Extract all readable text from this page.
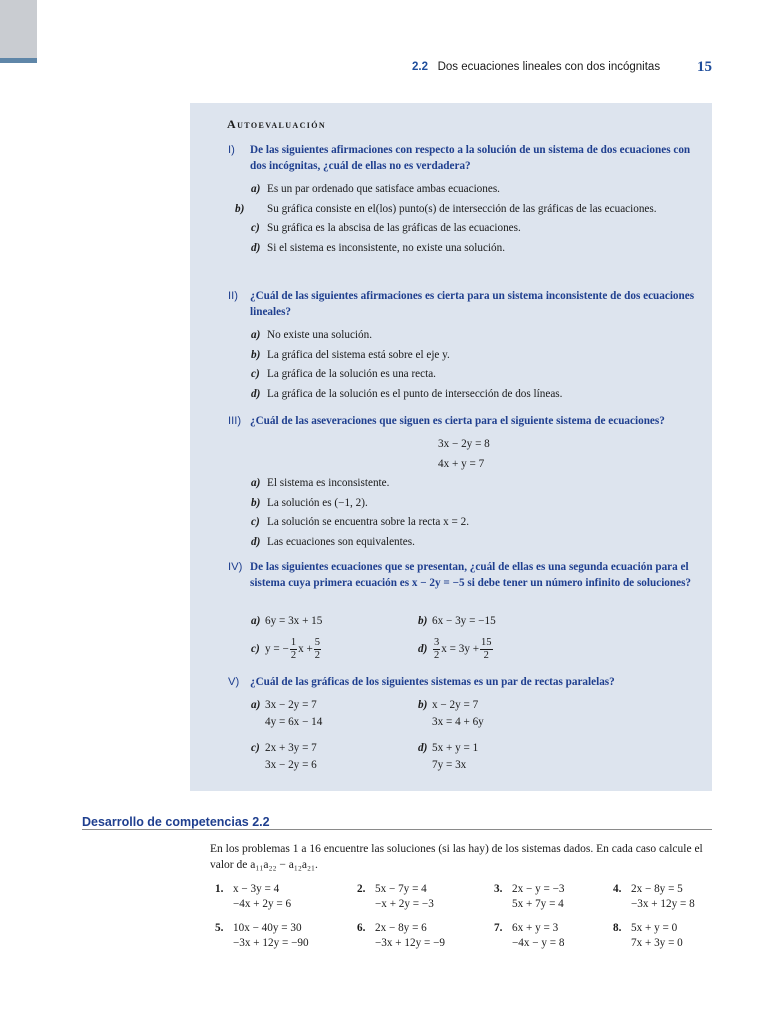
2.2 Dos ecuaciones lineales con dos incógnitas 15
Autoevaluación
I) De las siguientes afirmaciones con respecto a la solución de un sistema de dos ecuaciones con dos incógnitas, ¿cuál de ellas no es verdadera?
a) Es un par ordenado que satisface ambas ecuaciones.
b) Su gráfica consiste en el(los) punto(s) de intersección de las gráficas de las ecuaciones.
c) Su gráfica es la abscisa de las gráficas de las ecuaciones.
d) Si el sistema es inconsistente, no existe una solución.
II) ¿Cuál de las siguientes afirmaciones es cierta para un sistema inconsistente de dos ecuaciones lineales?
a) No existe una solución.
b) La gráfica del sistema está sobre el eje y.
c) La gráfica de la solución es una recta.
d) La gráfica de la solución es el punto de intersección de dos líneas.
III) ¿Cuál de las aseveraciones que siguen es cierta para el siguiente sistema de ecuaciones?
3x − 2y = 8
4x + y = 7
a) El sistema es inconsistente.
b) La solución es (−1, 2).
c) La solución se encuentra sobre la recta x = 2.
d) Las ecuaciones son equivalentes.
IV) De las siguientes ecuaciones que se presentan, ¿cuál de ellas es una segunda ecuación para el sistema cuya primera ecuación es x − 2y = −5 si debe tener un número infinito de soluciones?
a) 6y = 3x + 15	b) 6x − 3y = −15
c) y = − $\frac{1}{2}$ $x + \frac{5}{2}$	$d) \frac{3}{2}$ $x = 3y + \frac{15}{2}$
V) ¿Cuál de las gráficas de los siguientes sistemas es un par de rectas paralelas?
a) 3x − 2y = 7
4y = 6x − 14
b) x − 2y = 7
3x = 4 + 6y
c) 2x + 3y = 7
3x − 2y = 6
d) 5x + y = 1
7y = 3x
Desarrollo de competencias 2.2
En los problemas 1 a 16 encuentre las soluciones (si las hay) de los sistemas dados. En cada caso calcule el valor de a₁₁a₂₂ − a₁₂a₂₁.
1. x − 3y = 4
−4x + 2y = 6
2. 5x − 7y = 4
−x + 2y = −3
3. 2x − y = −3
5x + 7y = 4
4. 2x − 8y = 5
−3x + 12y = 8
5. 10x − 40y = 30
−3x + 12y = −90
6. 2x − 8y = 6
−3x + 12y = −9
7. 6x + y = 3
−4x − y = 8
8. 5x + y = 0
7x + 3y = 0
